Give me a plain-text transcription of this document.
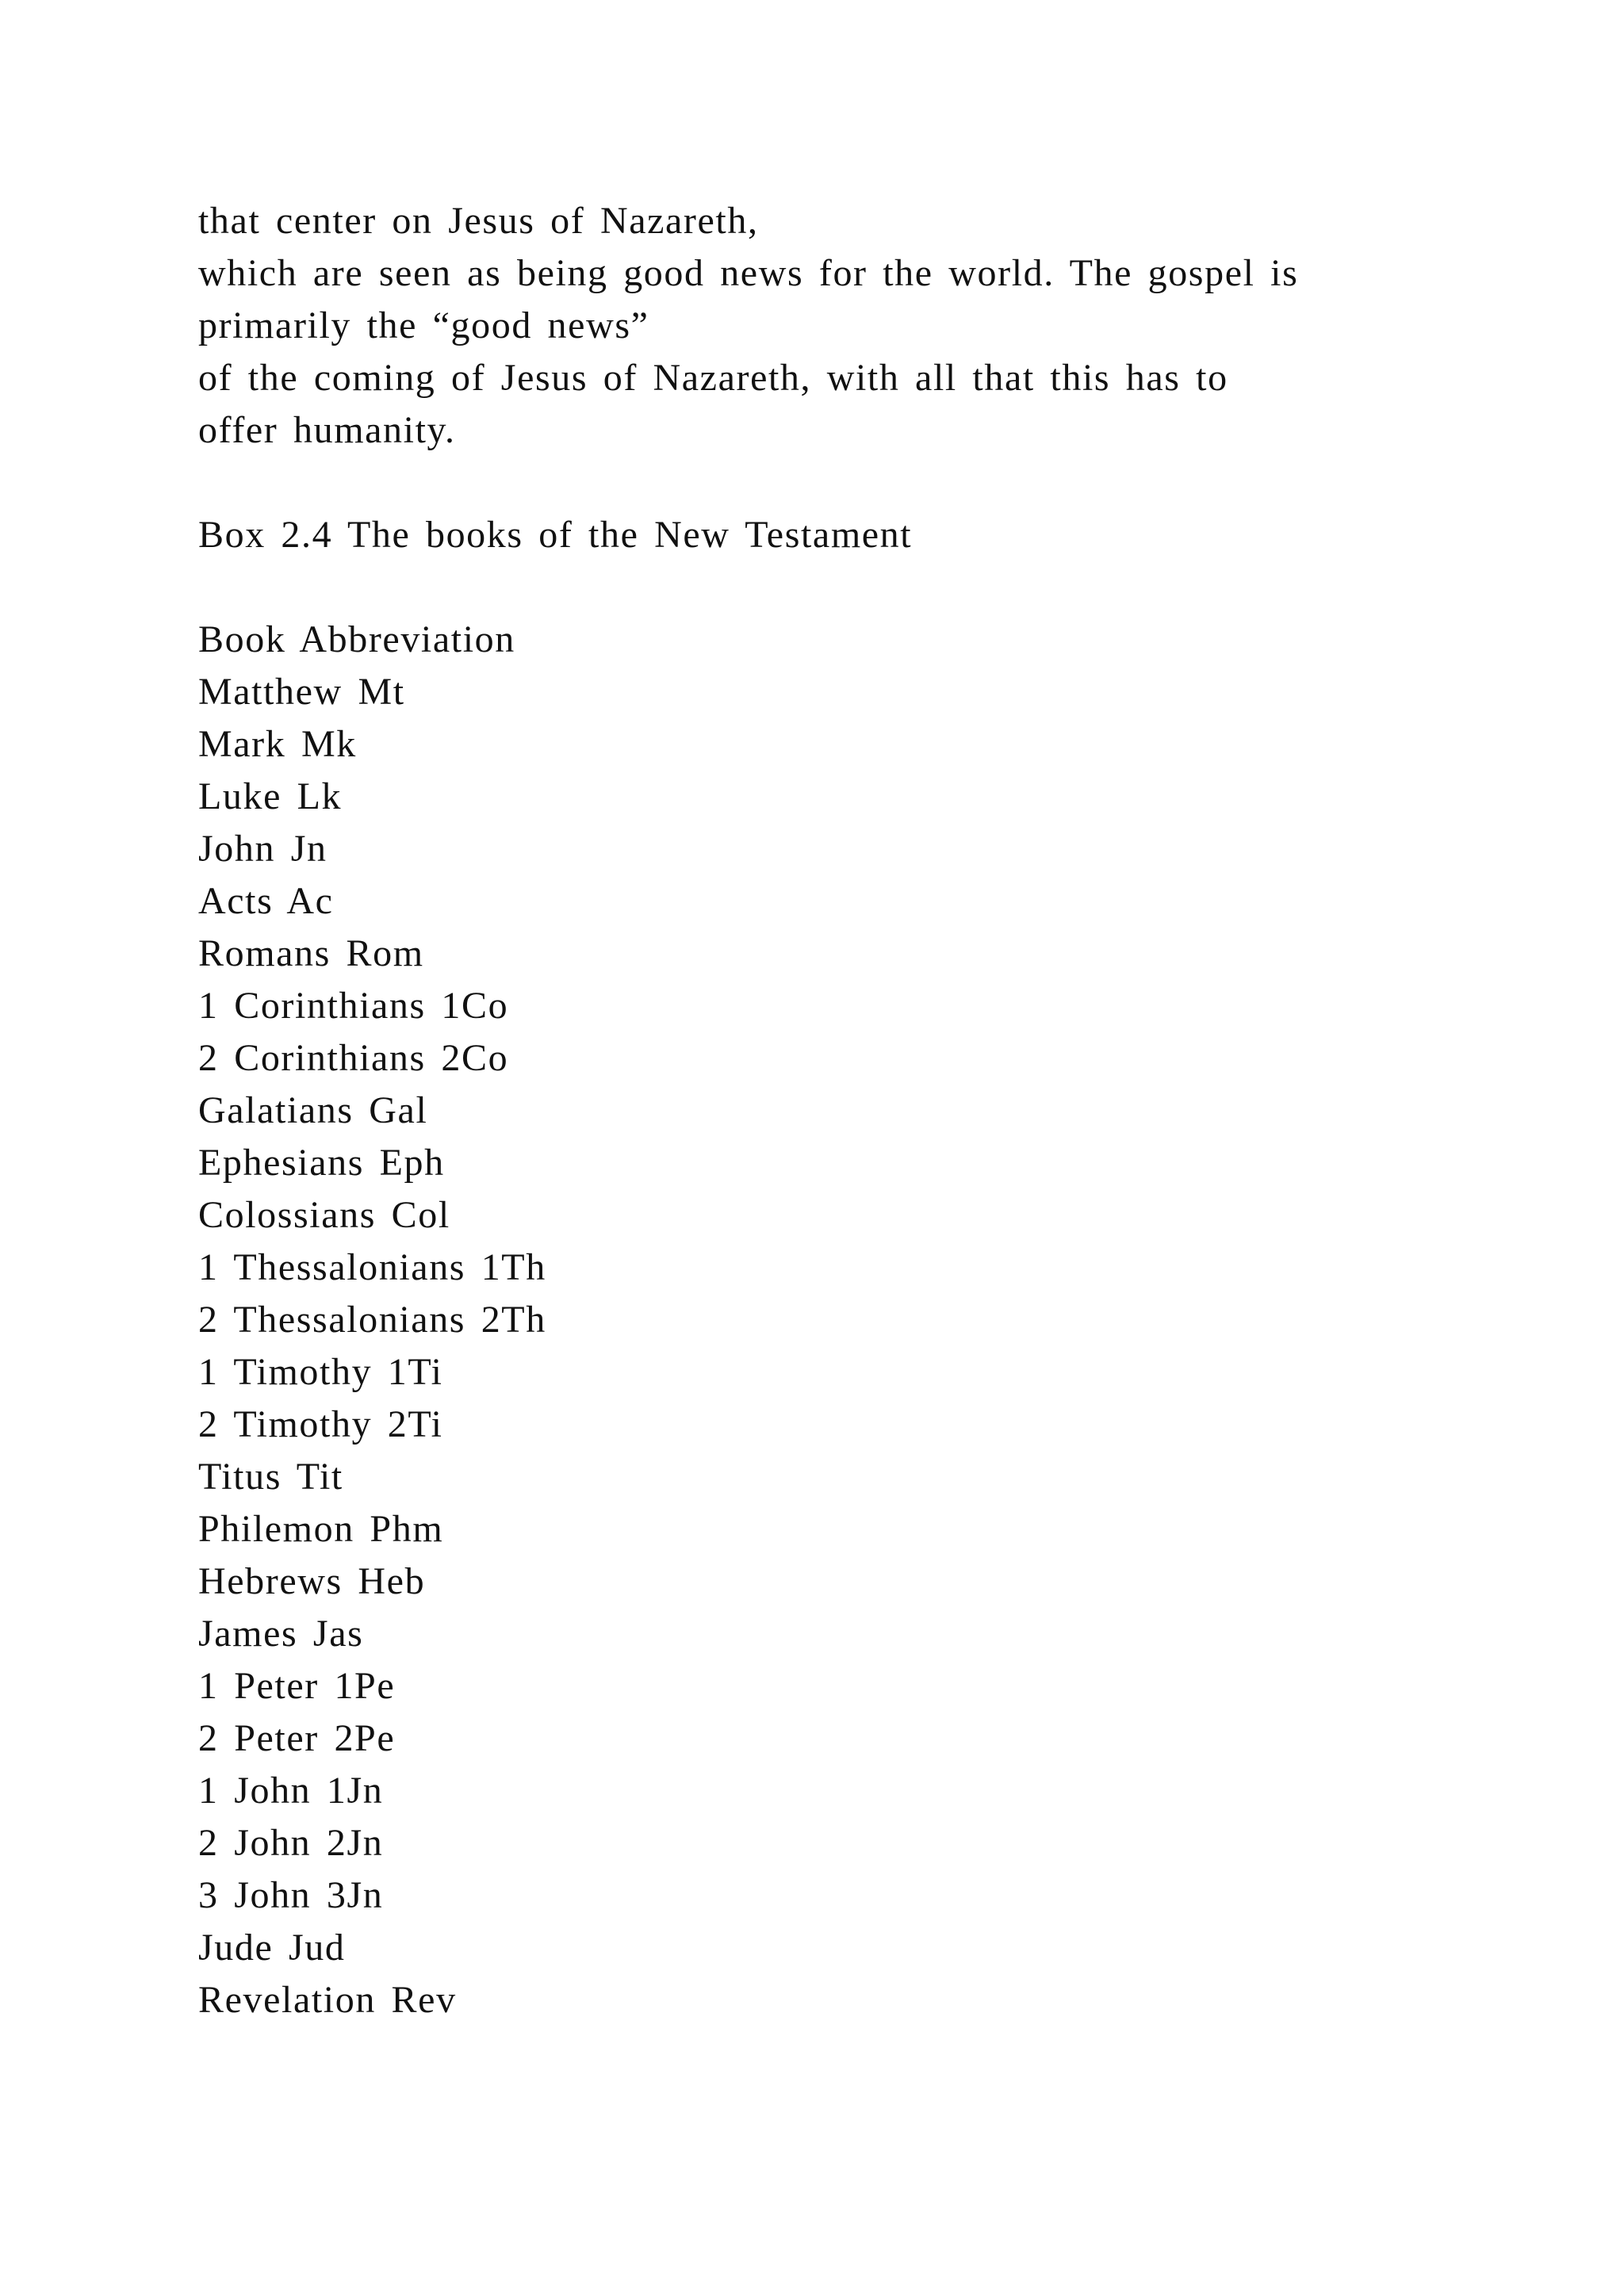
that center on Jesus of Nazareth,
which are seen as being good news for the world. The gospel is
primarily the “good news”
of the coming of Jesus of Nazareth, with all that this has to
offer humanity.
Box 2.4 The books of the New Testament
Book Abbreviation
Matthew Mt
Mark Mk
Luke Lk
John Jn
Acts Ac
Romans Rom
1 Corinthians 1Co
2 Corinthians 2Co
Galatians Gal
Ephesians Eph
Colossians Col
1 Thessalonians 1Th
2 Thessalonians 2Th
1 Timothy 1Ti
2 Timothy 2Ti
Titus Tit
Philemon Phm
Hebrews Heb
James Jas
1 Peter 1Pe
2 Peter 2Pe
1 John 1Jn
2 John 2Jn
3 John 3Jn
Jude Jud
Revelation Rev
